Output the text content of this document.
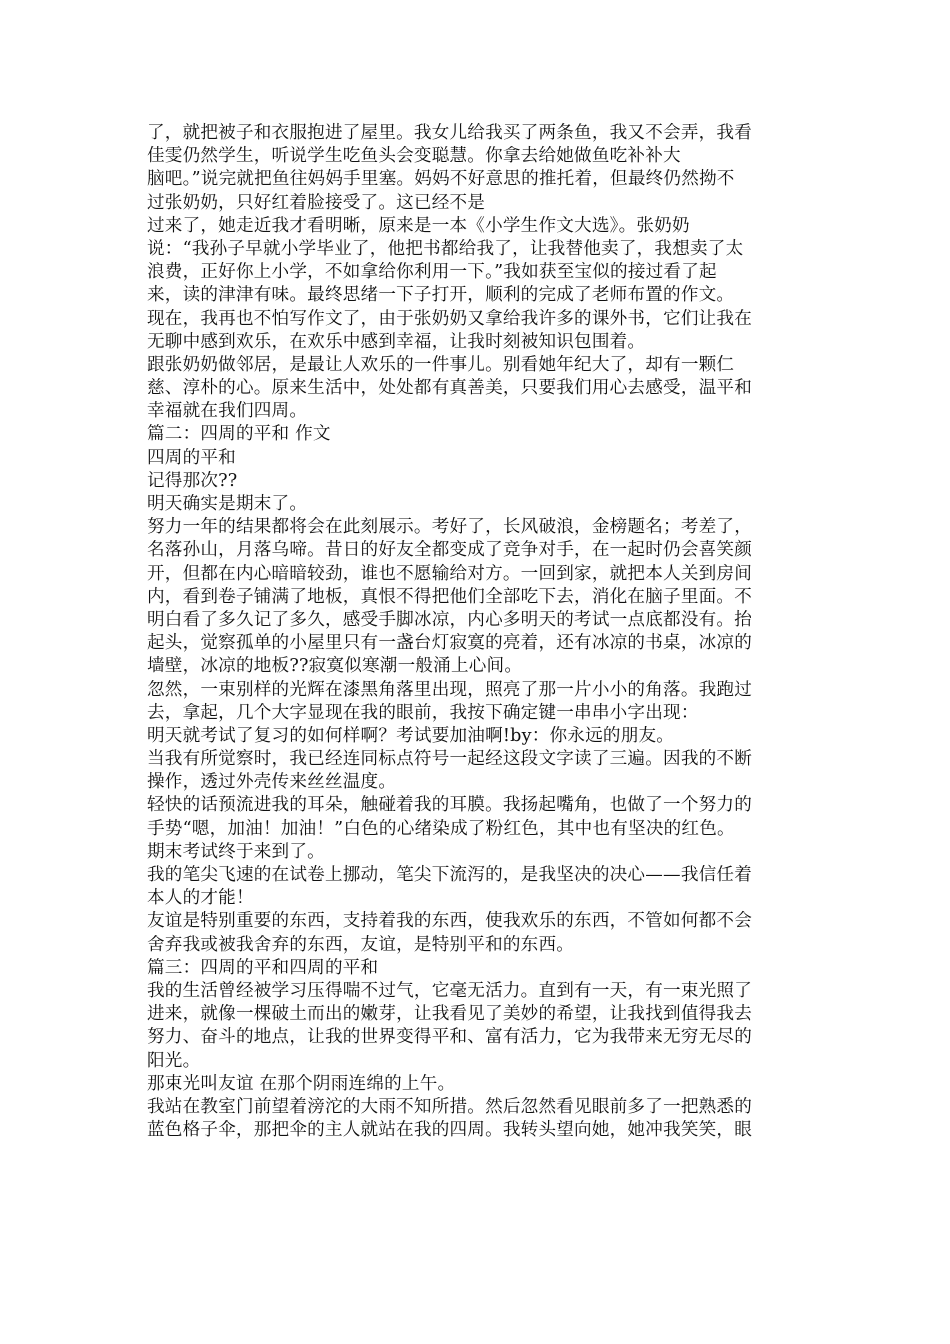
了，就把被子和衣服抱进了屋里。我女儿给我买了两条鱼，我又不会弄，我看
佳雯仍然学生，听说学生吃鱼头会变聪慧。你拿去给她做鱼吃补补大
脑吧。”说完就把鱼往妈妈手里塞。妈妈不好意思的推托着，但最终仍然拗不
过张奶奶，只好红着脸接受了。这已经不是
过来了，她走近我才看明晰，原来是一本《小学生作文大选》。张奶奶
说：“我孙子早就小学毕业了，他把书都给我了，让我替他卖了，我想卖了太
浪费，正好你上小学，不如拿给你利用一下。”我如获至宝似的接过看了起
来，读的津津有味。最终思绪一下子打开，顺利的完成了老师布置的作文。
现在，我再也不怕写作文了，由于张奶奶又拿给我许多的课外书，它们让我在
无聊中感到欢乐，在欢乐中感到幸福，让我时刻被知识包围着。
跟张奶奶做邻居，是最让人欢乐的一件事儿。别看她年纪大了，却有一颗仁
慈、淳朴的心。原来生活中，处处都有真善美，只要我们用心去感受，温平和
幸福就在我们四周。
篇二：四周的平和 作文
四周的平和
记得那次??
明天确实是期末了。
努力一年的结果都将会在此刻展示。考好了，长风破浪，金榜题名；考差了，
名落孙山，月落乌啼。昔日的好友全都变成了竞争对手，在一起时仍会喜笑颜
开，但都在内心暗暗较劲，谁也不愿输给对方。一回到家，就把本人关到房间
内，看到卷子铺满了地板，真恨不得把他们全部吃下去，消化在脑子里面。不
明白看了多久记了多久，感受手脚冰凉，内心多明天的考试一点底都没有。抬
起头，觉察孤单的小屋里只有一盏台灯寂寞的亮着，还有冰凉的书桌，冰凉的
墙壁，冰凉的地板??寂寞似寒潮一般涌上心间。
忽然，一束别样的光辉在漆黑角落里出现，照亮了那一片小小的角落。我跑过
去，拿起，几个大字显现在我的眼前，我按下确定键一串串小字出现：
明天就考试了复习的如何样啊？考试要加油啊!by：你永远的朋友。
当我有所觉察时，我已经连同标点符号一起经这段文字读了三遍。因我的不断
操作，透过外壳传来丝丝温度。
轻快的话预流进我的耳朵，触碰着我的耳膜。我扬起嘴角，也做了一个努力的
手势“嗯，加油！加油！”白色的心绪染成了粉红色，其中也有坚决的红色。
期末考试终于来到了。
我的笔尖飞速的在试卷上挪动，笔尖下流泻的，是我坚决的决心——我信任着
本人的才能！
友谊是特别重要的东西，支持着我的东西，使我欢乐的东西，不管如何都不会
舍弃我或被我舍弃的东西，友谊，是特别平和的东西。
篇三：四周的平和四周的平和
我的生活曾经被学习压得喘不过气，它毫无活力。直到有一天，有一束光照了
进来，就像一棵破土而出的嫩芽，让我看见了美妙的希望，让我找到值得我去
努力、奋斗的地点，让我的世界变得平和、富有活力，它为我带来无穷无尽的
阳光。
那束光叫友谊 在那个阴雨连绵的上午。
我站在教室门前望着滂沱的大雨不知所措。然后忽然看见眼前多了一把熟悉的
蓝色格子伞，那把伞的主人就站在我的四周。我转头望向她，她冲我笑笑，眼
